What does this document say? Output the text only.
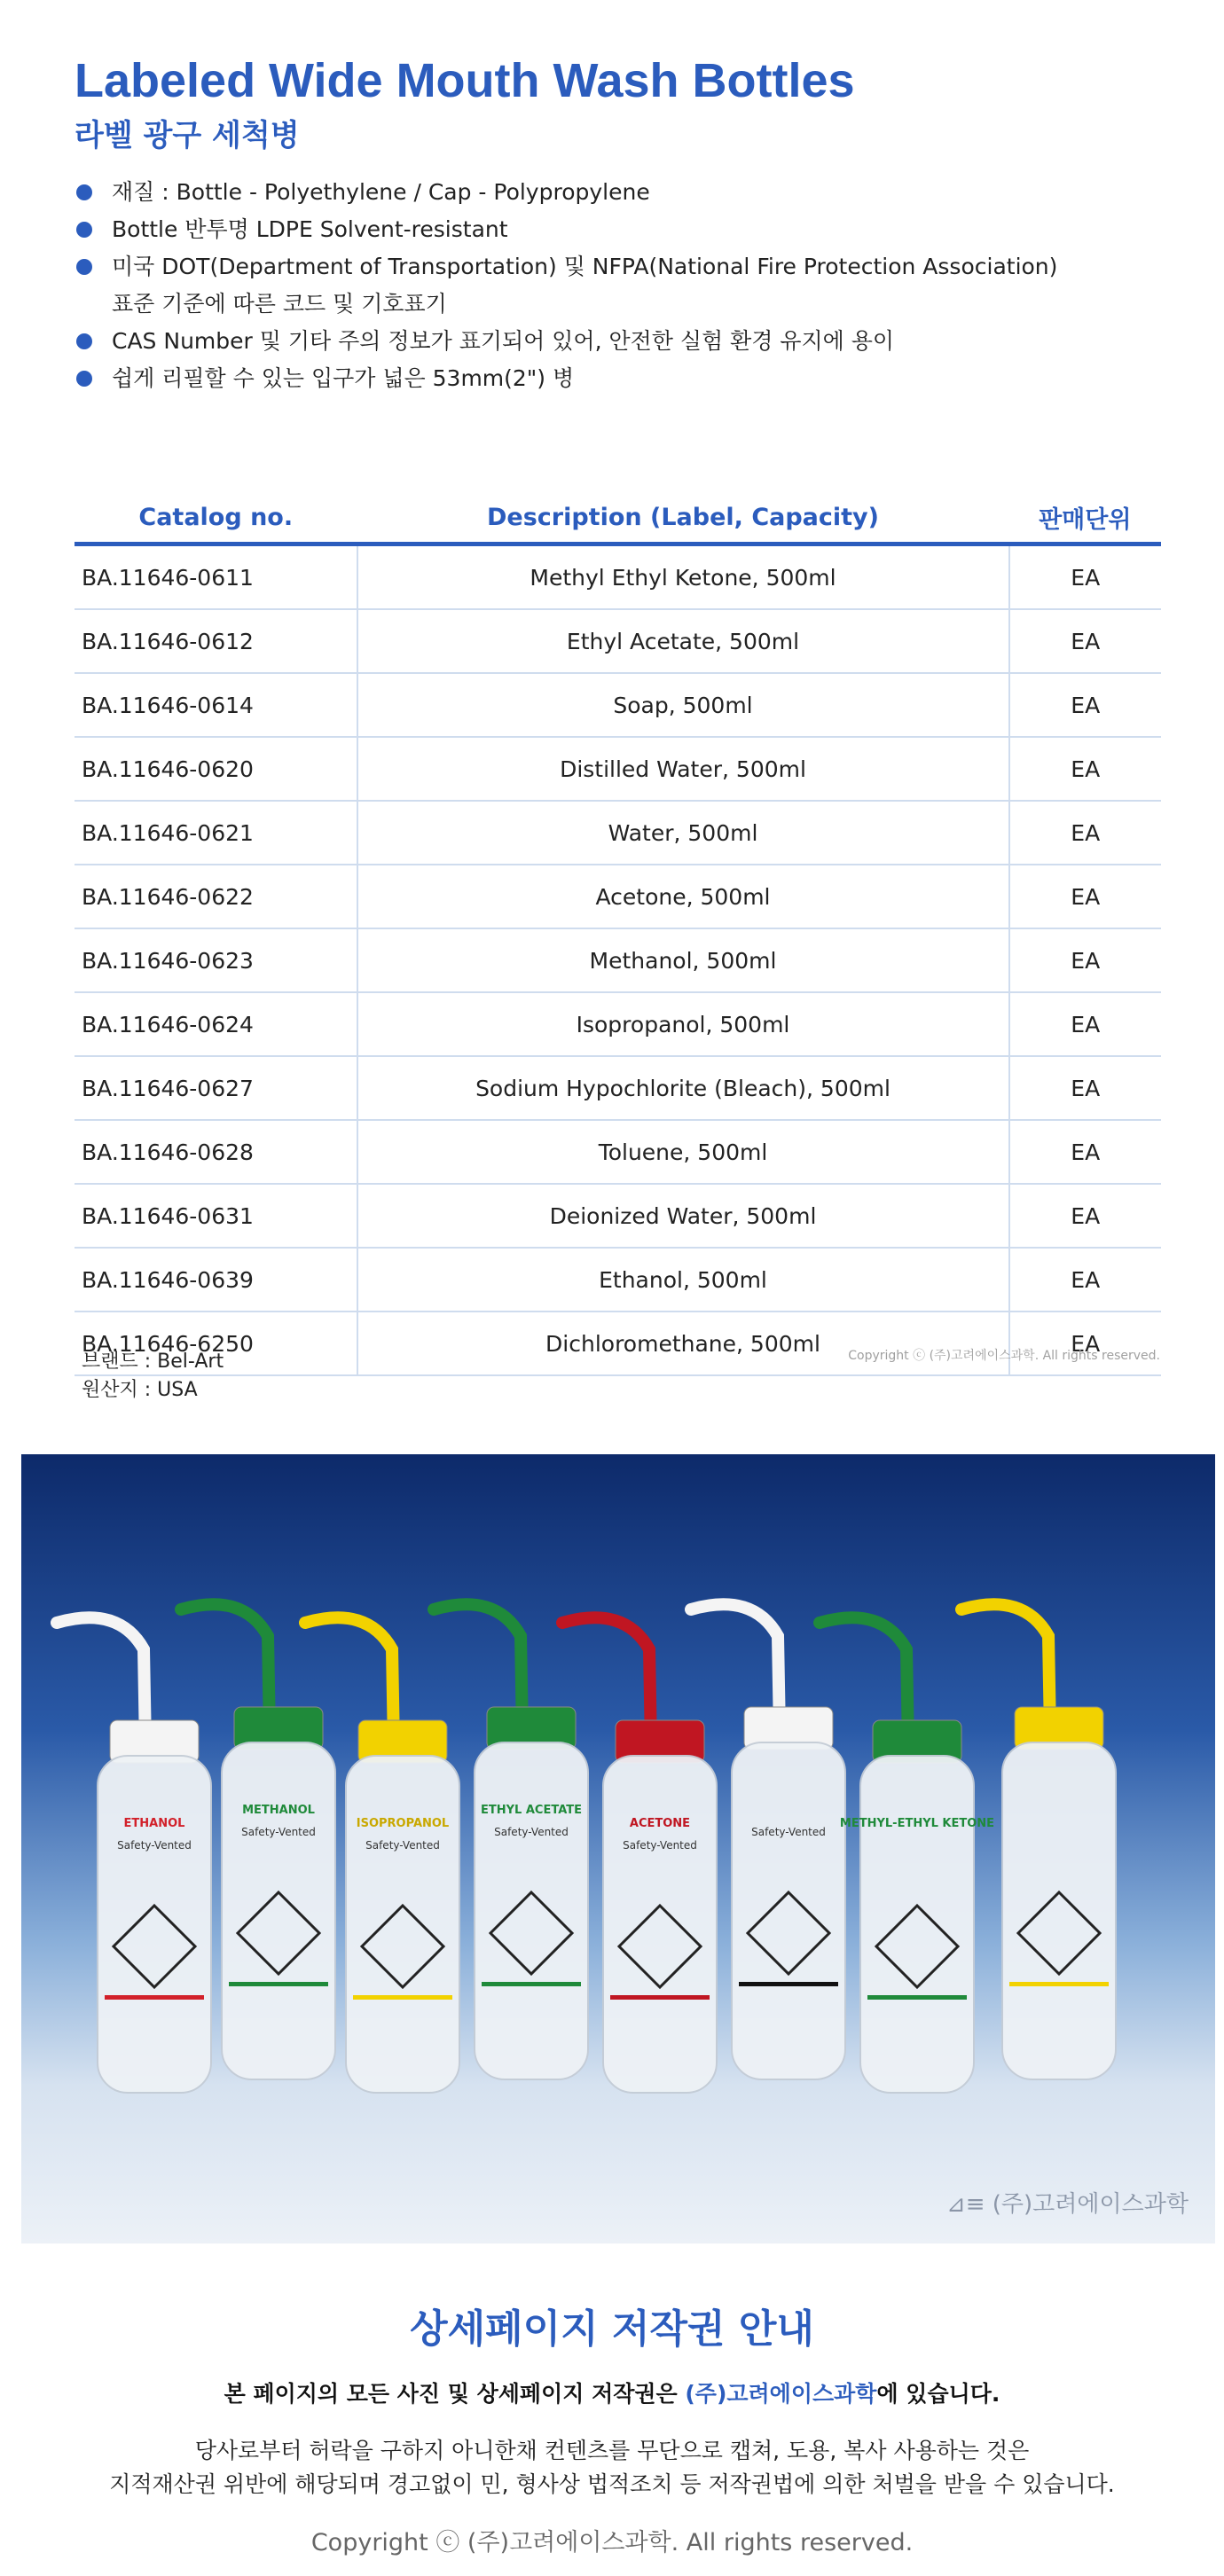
Labeled Wide Mouth Wash Bottles
라벨 광구 세척병
재질 : Bottle - Polyethylene / Cap - Polypropylene
Bottle 반투명 LDPE Solvent-resistant
미국 DOT(Department of Transportation) 및 NFPA(National Fire Protection Association)
표준 기준에 따른 코드 및 기호표기
CAS Number 및 기타 주의 정보가 표기되어 있어, 안전한 실험 환경 유지에 용이
쉽게 리필할 수 있는 입구가 넓은 53mm(2") 병
Catalog no.	Description (Label, Capacity)	판매단위
BA.11646-0611	Methyl Ethyl Ketone, 500ml	EA
BA.11646-0612	Ethyl Acetate, 500ml	EA
BA.11646-0614	Soap, 500ml	EA
BA.11646-0620	Distilled Water, 500ml	EA
BA.11646-0621	Water, 500ml	EA
BA.11646-0622	Acetone, 500ml	EA
BA.11646-0623	Methanol, 500ml	EA
BA.11646-0624	Isopropanol, 500ml	EA
BA.11646-0627	Sodium Hypochlorite (Bleach), 500ml	EA
BA.11646-0628	Toluene, 500ml	EA
BA.11646-0631	Deionized Water, 500ml	EA
BA.11646-0639	Ethanol, 500ml	EA
BA.11646-6250	Dichloromethane, 500ml	EA
브랜드 : Bel-Art
원산지 : USA
Copyright ⓒ (주)고려에이스과학. All rights reserved.
ETHANOL
Safety-Vented
METHANOL
Safety-Vented
ISOPROPANOL
Safety-Vented
ETHYL ACETATE
Safety-Vented
ACETONE
Safety-Vented
Safety-Vented
METHYL-ETHYL KETONE
⊿≡ (주)고려에이스과학
상세페이지 저작권 안내
본 페이지의 모든 사진 및 상세페이지 저작권은 (주)고려에이스과학에 있습니다.
당사로부터 허락을 구하지 아니한채 컨텐츠를 무단으로 캡쳐, 도용, 복사 사용하는 것은
지적재산권 위반에 해당되며 경고없이 민, 형사상 법적조치 등 저작권법에 의한 처벌을 받을 수 있습니다.
Copyright ⓒ (주)고려에이스과학. All rights reserved.
